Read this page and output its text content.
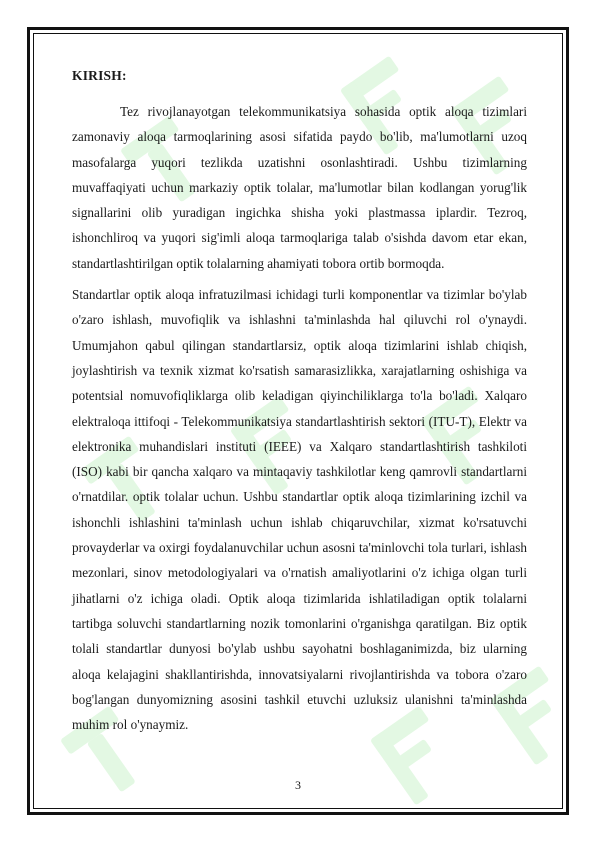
KIRISH:

Tez rivojlanayotgan telekommunikatsiya sohasida optik aloqa tizimlari zamonaviy aloqa tarmoqlarining asosi sifatida paydo bo'lib, ma'lumotlarni uzoq masofalarga yuqori tezlikda uzatishni osonlashtiradi. Ushbu tizimlarning muvaffaqiyati uchun markaziy optik tolalar, ma'lumotlar bilan kodlangan yorug'lik signallarini olib yuradigan ingichka shisha yoki plastmassa iplardir. Tezroq, ishonchliroq va yuqori sig'imli aloqa tarmoqlariga talab o'sishda davom etar ekan, standartlashtirilgan optik tolalarning ahamiyati tobora ortib bormoqda.

Standartlar optik aloqa infratuzilmasi ichidagi turli komponentlar va tizimlar bo'ylab o'zaro ishlash, muvofiqlik va ishlashni ta'minlashda hal qiluvchi rol o'ynaydi. Umumjahon qabul qilingan standartlarsiz, optik aloqa tizimlarini ishlab chiqish, joylashtirish va texnik xizmat ko'rsatish samarasizlikka, xarajatlarning oshishiga va potentsial nomuvofiqliklarga olib keladigan qiyinchiliklarga to'la bo'ladi. Xalqaro elektraloqa ittifoqi - Telekommunikatsiya standartlashtirish sektori (ITU-T), Elektr va elektronika muhandislari instituti (IEEE) va Xalqaro standartlashtirish tashkiloti (ISO) kabi bir qancha xalqaro va mintaqaviy tashkilotlar keng qamrovli standartlarni o'rnatdilar. optik tolalar uchun. Ushbu standartlar optik aloqa tizimlarining izchil va ishonchli ishlashini ta'minlash uchun ishlab chiqaruvchilar, xizmat ko'rsatuvchi provayderlar va oxirgi foydalanuvchilar uchun asosni ta'minlovchi tola turlari, ishlash mezonlari, sinov metodologiyalari va o'rnatish amaliyotlarini o'z ichiga olgan turli jihatlarni o'z ichiga oladi. Optik aloqa tizimlarida ishlatiladigan optik tolalarni tartibga soluvchi standartlarning nozik tomonlarini o'rganishga qaratilgan. Biz optik tolali standartlar dunyosi bo'ylab ushbu sayohatni boshlaganimizda, biz ularning aloqa kelajagini shakllantirishda, innovatsiyalarni rivojlantirishda va tobora o'zaro bog'langan dunyomizning asosini tashkil etuvchi uzluksiz ulanishni ta'minlashda muhim rol o'ynaymiz.

3
